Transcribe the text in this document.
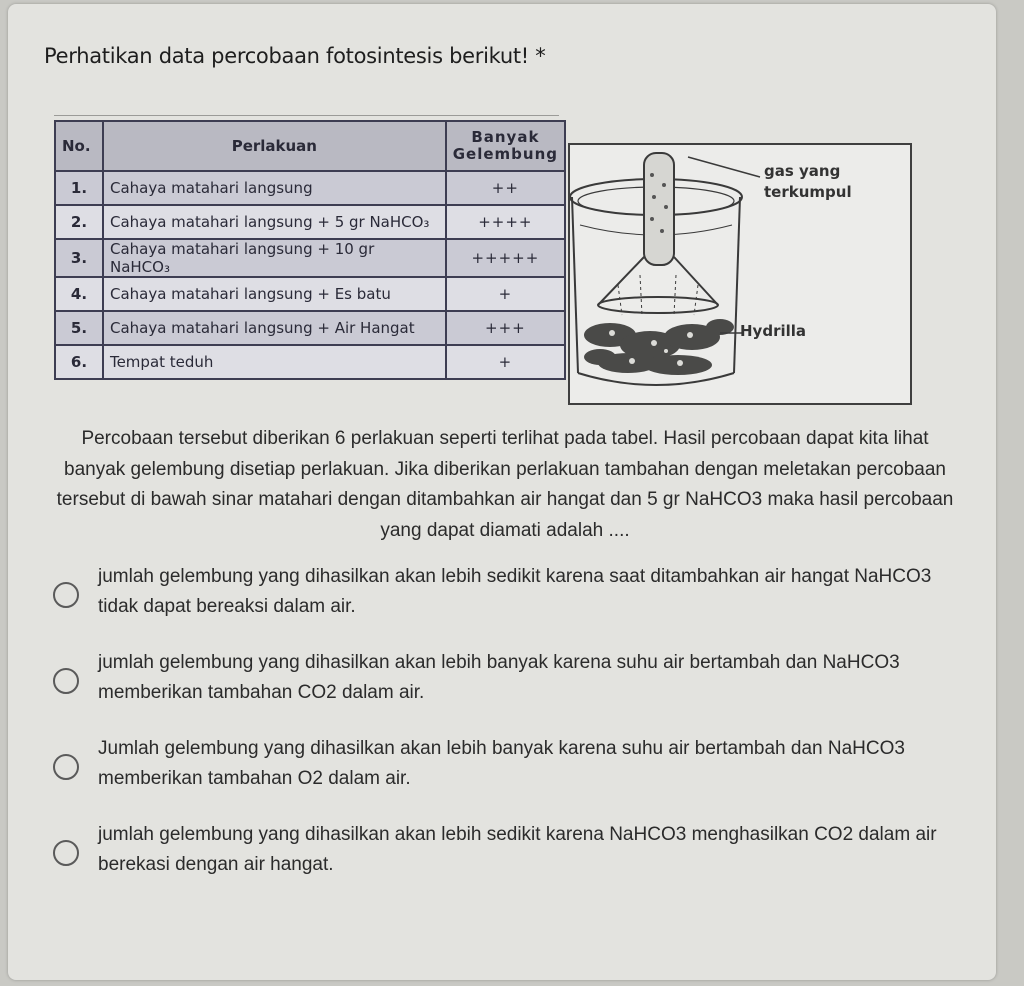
Perhatikan data percobaan fotosintesis berikut! *
No.	Perlakuan	Banyak Gelembung
1.	Cahaya matahari langsung	++
2.	Cahaya matahari langsung + 5 gr NaHCO₃	++++
3.	Cahaya matahari langsung + 10 gr NaHCO₃	+++++
4.	Cahaya matahari langsung + Es batu	+
5.	Cahaya matahari langsung + Air Hangat	+++
6.	Tempat teduh	+
gas yang terkumpul
Hydrilla
Percobaan tersebut diberikan 6 perlakuan seperti terlihat pada tabel. Hasil percobaan dapat kita lihat banyak gelembung disetiap perlakuan. Jika diberikan perlakuan tambahan dengan meletakan percobaan tersebut di bawah sinar matahari dengan ditambahkan air hangat dan 5 gr NaHCO3 maka hasil percobaan yang dapat diamati adalah ....
jumlah gelembung yang dihasilkan akan lebih sedikit karena saat ditambahkan air hangat NaHCO3 tidak dapat bereaksi dalam air.
jumlah gelembung yang dihasilkan akan lebih banyak karena suhu air bertambah dan NaHCO3 memberikan tambahan CO2 dalam air.
Jumlah gelembung yang dihasilkan akan lebih banyak karena suhu air bertambah dan NaHCO3 memberikan tambahan O2 dalam air.
jumlah gelembung yang dihasilkan akan lebih sedikit karena NaHCO3 menghasilkan CO2 dalam air berekasi dengan air hangat.
